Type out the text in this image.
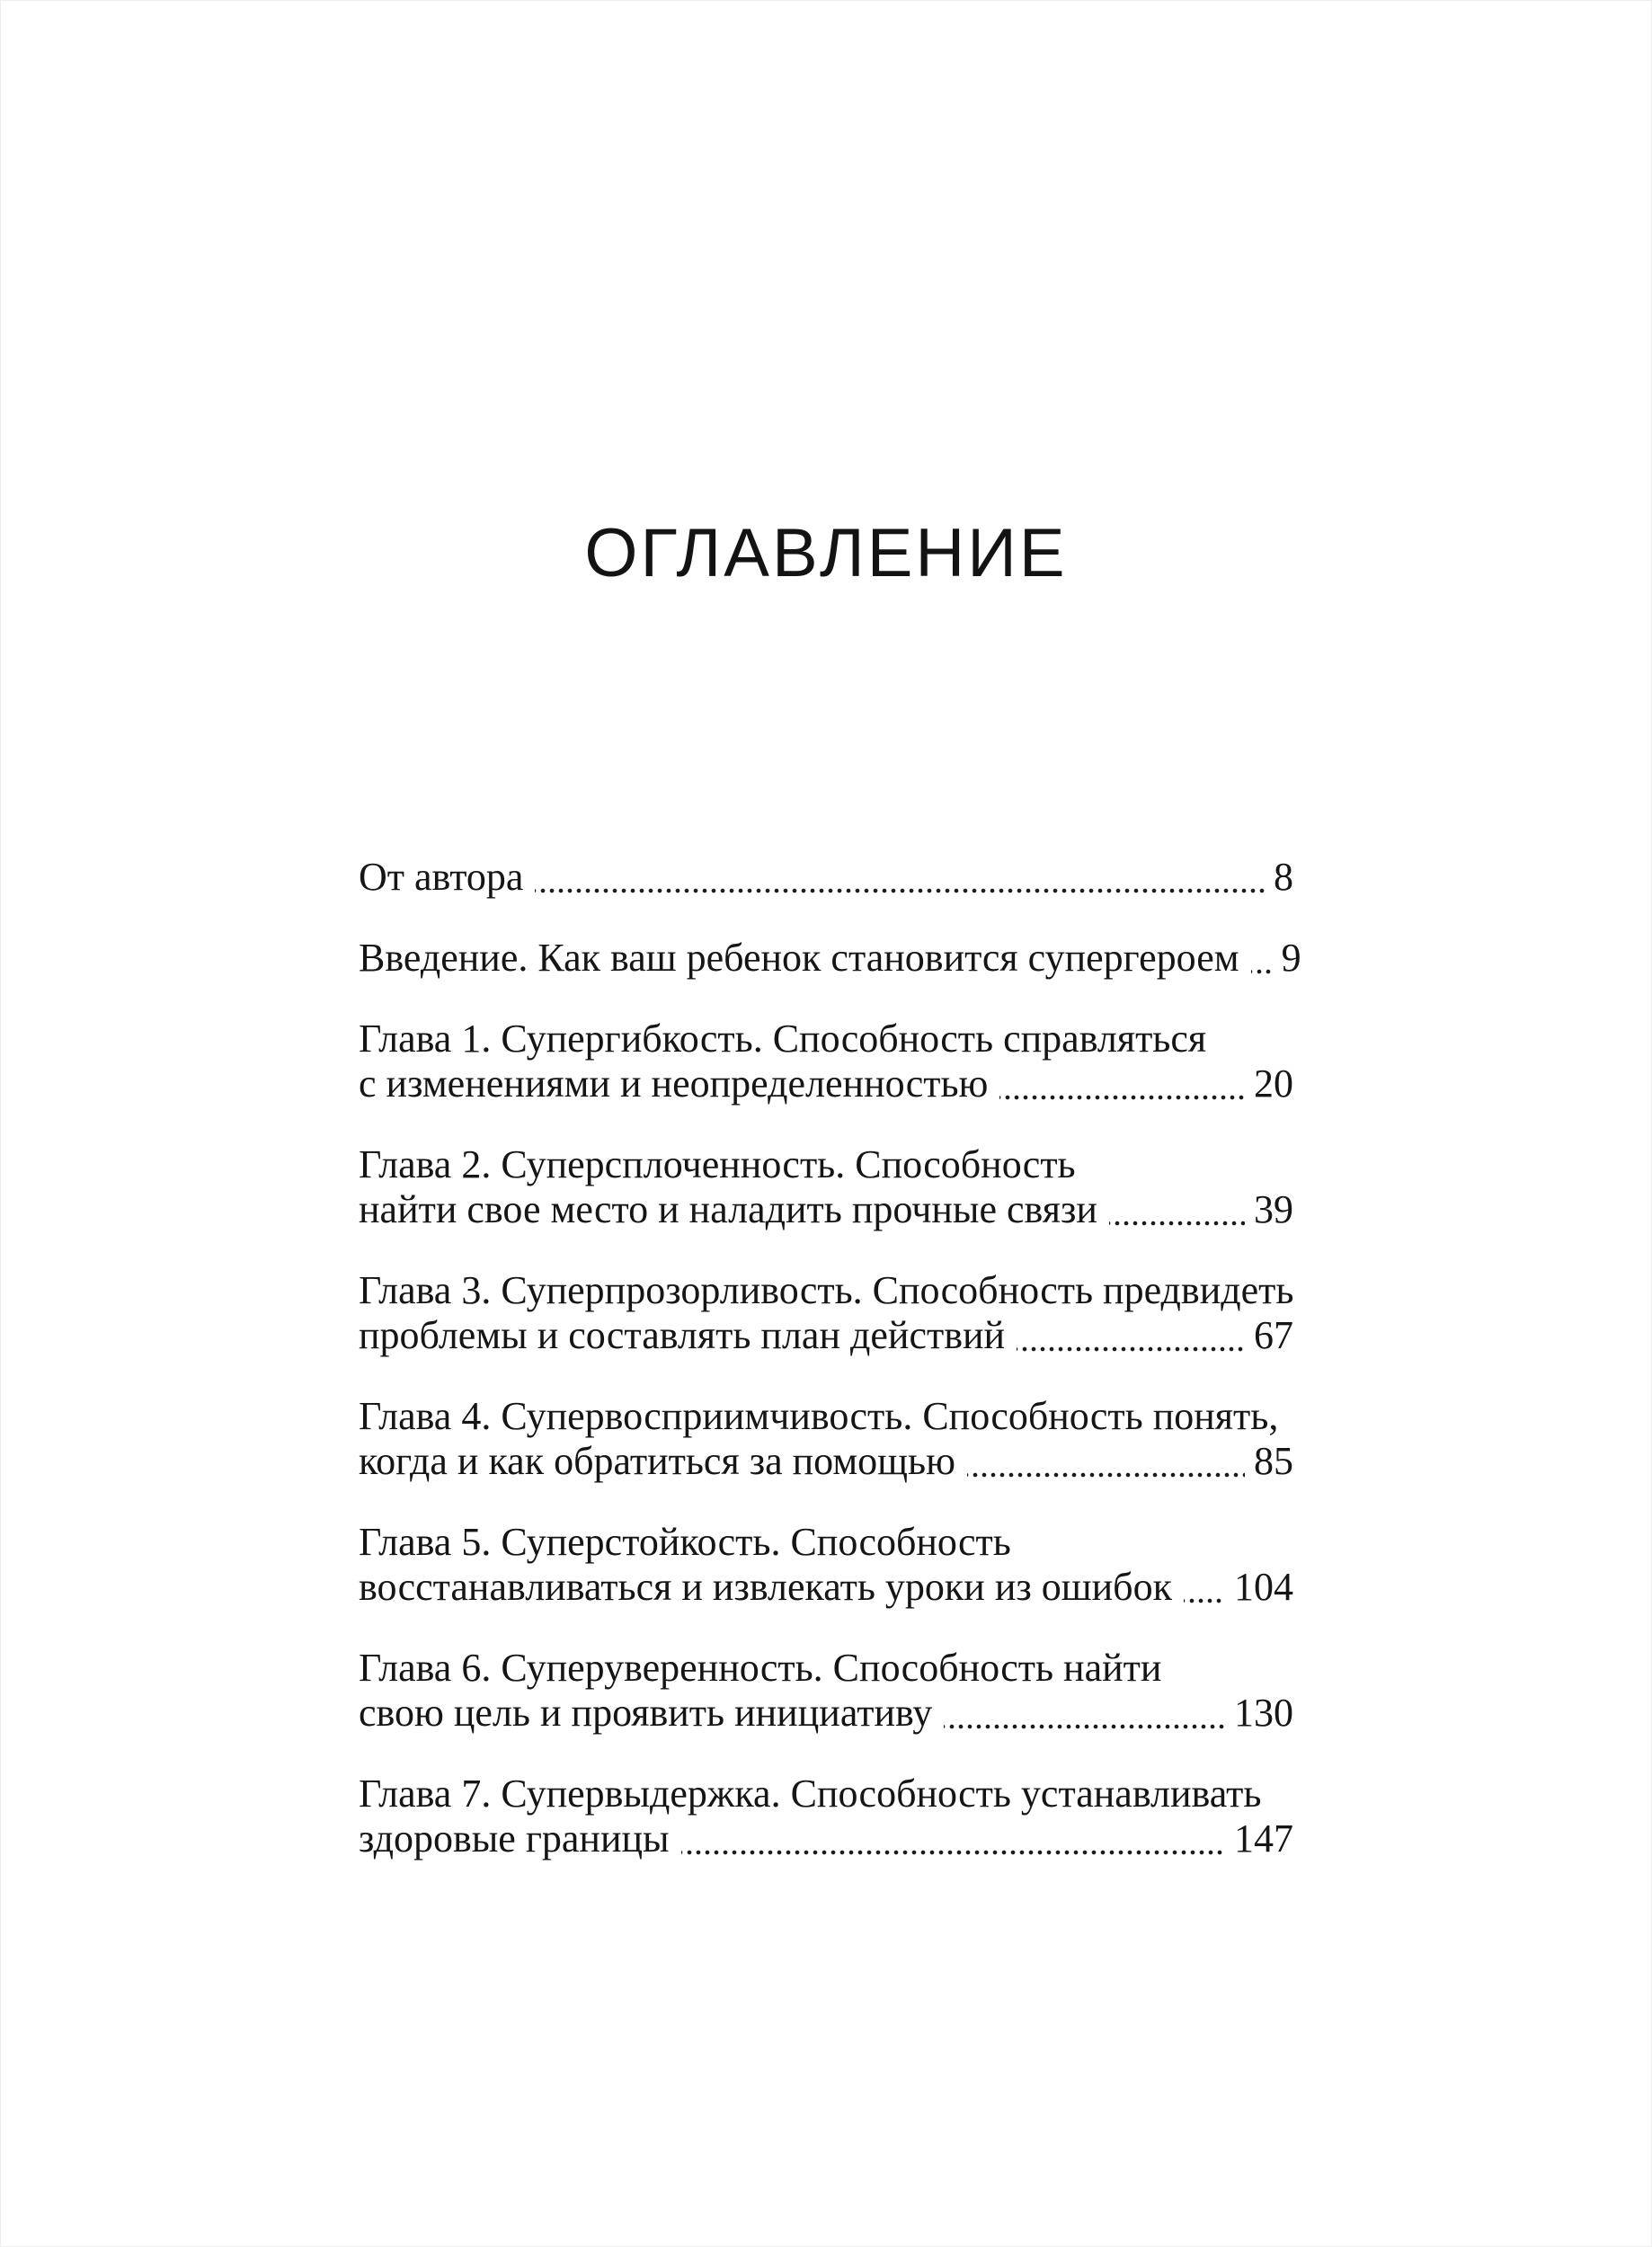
ОГЛАВЛЕНИЕ
От автора	8
Введение. Как ваш ребенок становится супергероем 9
Глава 1. Супергибкость. Способность справляться
с изменениями и неопределенностью	20
Глава 2. Суперсплоченность. Способность
найти свое место и наладить прочные связи	39
Глава 3. Суперпрозорливость. Способность предвидеть
проблемы и составлять план действий	67
Глава 4. Супервосприимчивость. Способность понять,
когда и как обратиться за помощью	85
Глава 5. Суперстойкость. Способность
восстанавливаться и извлекать уроки из ошибок 104
Глава 6. Суперуверенность. Способность найти
свою цель и проявить инициативу	130
Глава 7. Супервыдержка. Способность устанавливать
здоровые границы	147
